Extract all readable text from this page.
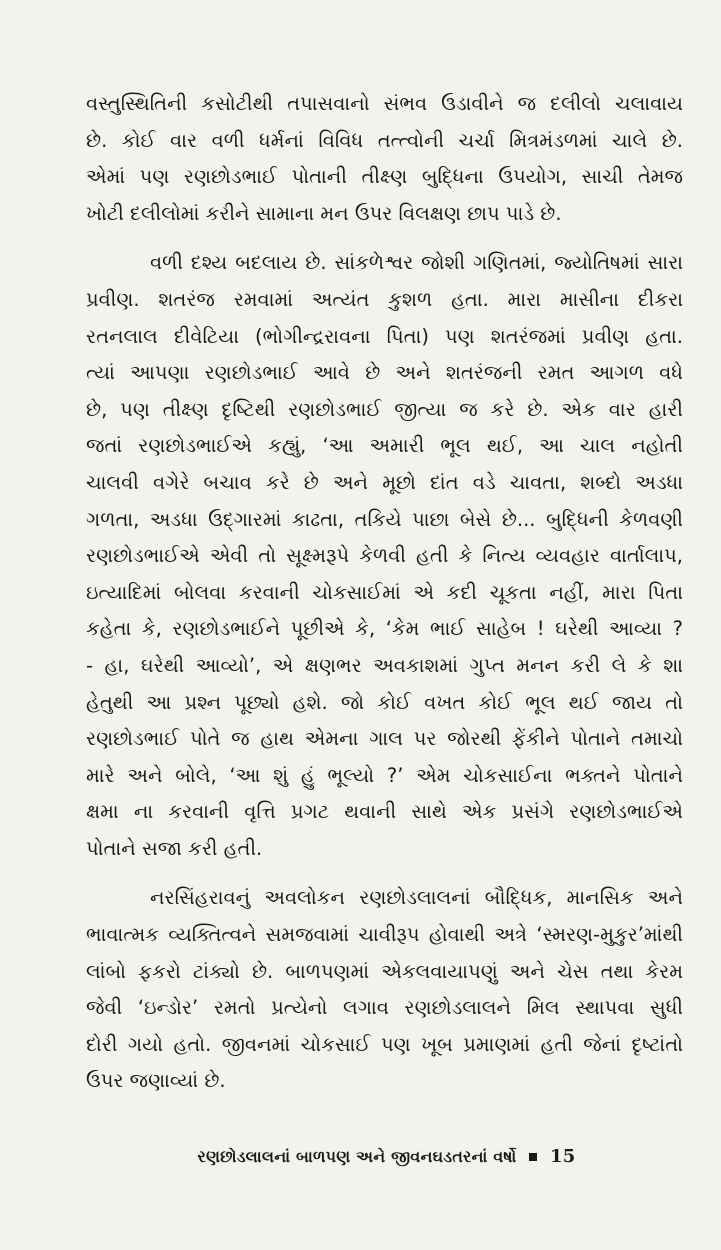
વસ્તુસ્થિતિની કસોટીથી તપાસવાનો સંભવ ઉડાવીને જ દલીલો ચલાવાય
છે. કોઈ વાર વળી ધર્મનાં વિવિધ તત્ત્વોની ચર્ચા મિત્રમંડળમાં ચાલે છે.
એમાં પણ રણછોડભાઈ પોતાની તીક્ષ્ણ બુદ્ધિના ઉપયોગ, સાચી તેમજ
ખોટી દલીલોમાં કરીને સામાના મન ઉપર વિલક્ષણ છાપ પાડે છે.

વળી દશ્ય બદલાય છે. સાંકળેશ્વર જોશી ગણિતમાં, જ્યોતિષમાં સારા
પ્રવીણ. શતરંજ રમવામાં અત્યંત કુશળ હતા. મારા માસીના દીકરા
રતનલાલ દીવેટિયા (ભોગીન્દ્રરાવના પિતા) પણ શતરંજમાં પ્રવીણ હતા.
ત્યાં આપણા રણછોડભાઈ આવે છે અને શતરંજની રમત આગળ વધે
છે, પણ તીક્ષ્ણ દૃષ્ટિથી રણછોડભાઈ જીત્યા જ કરે છે. એક વાર હારી
જતાં રણછોડભાઈએ કહ્યું, ‘આ અમારી ભૂલ થઈ, આ ચાલ નહોતી
ચાલવી વગેરે બચાવ કરે છે અને મૂછો દાંત વડે ચાવતા, શબ્દો અડધા
ગળતા, અડધા ઉદ્‌ગારમાં કાઢતા, તકિયે પાછા બેસે છે... બુદ્ધિની કેળવણી
રણછોડભાઈએ એવી તો સૂક્ષ્મરૂપે કેળવી હતી કે નિત્ય વ્યવહાર વાર્તાલાપ,
ઇત્યાદિમાં બોલવા કરવાની ચોકસાઈમાં એ કદી ચૂકતા નહીં, મારા પિતા
કહેતા કે, રણછોડભાઈને પૂછીએ કે, ‘કેમ ભાઈ સાહેબ ! ઘરેથી આવ્યા ?
- હા, ઘરેથી આવ્યો’, એ ક્ષણભર અવકાશમાં ગુપ્ત મનન કરી લે કે શા
હેતુથી આ પ્રશ્ન પૂછ્યો હશે. જો કોઈ વખત કોઈ ભૂલ થઈ જાય તો
રણછોડભાઈ પોતે જ હાથ એમના ગાલ પર જોરથી ફેંકીને પોતાને તમાચો
મારે અને બોલે, ‘આ શું હું ભૂલ્યો ?’ એમ ચોકસાઈના ભક્તને પોતાને
ક્ષમા ના કરવાની વૃત્તિ પ્રગટ થવાની સાથે એક પ્રસંગે રણછોડભાઈએ
પોતાને સજા કરી હતી.

નરસિંહરાવનું અવલોકન રણછોડલાલનાં બૌદ્ધિક, માનસિક અને
ભાવાત્મક વ્યક્તિત્વને સમજવામાં ચાવીરૂપ હોવાથી અત્રે ‘સ્મરણ-મુકુર’માંથી
લાંબો ફકરો ટાંક્યો છે. બાળપણમાં એકલવાયાપણું અને ચેસ તથા કેરમ
જેવી ‘ઇન્ડોર’ રમતો પ્રત્યેનો લગાવ રણછોડલાલને મિલ સ્થાપવા સુધી
દોરી ગયો હતો. જીવનમાં ચોકસાઈ પણ ખૂબ પ્રમાણમાં હતી જેનાં દૃષ્ટાંતો
ઉપર જણાવ્યાં છે.

રણછોડલાલનાં બાળપણ અને જીવનઘડતરનાં વર્ષો 15
